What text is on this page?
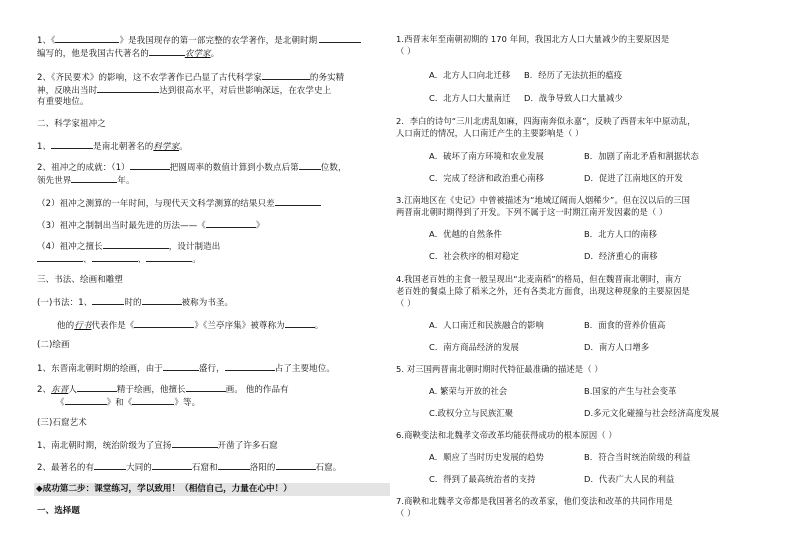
1、《	》是我国现存的第一部完整的农学著作，是北朝时期
编写的，他是我国古代著名的	农学家。
2、《齐民要术》的影响，这不农学著作已凸显了古代科学家	的务实精
神，反映出当时	达到很高水平，对后世影响深远，在农学史上
有重要地位。
二、科学家祖冲之
1、	是南北朝著名的科学家。
2、祖冲之的成就：（1）	把圆周率的数值计算到小数点后第	位数，
领先世界	年。
（2）祖冲之测算的一年时间，与现代天文科学测算的结果只差
（3）祖冲之制制出当时最先进的历法——《	》
（4）祖冲之擅长	，设计制造出
、	、	。
三、书法、绘画和雕塑
(一)书法：1、	时的	被称为书圣。
他的行书代表作是《	》《兰亭序集》被尊称为	。
(二)绘画
1、东晋南北朝时期的绘画，由于	盛行，	占了主要地位。
2、东晋人	精于绘画，他擅长	画。 他的作品有
《	》和《	》等。
(三)石窟艺术
1、南北朝时期，统治阶级为了宣扬	开凿了许多石窟
2、最著名的有	大同的	石窟和	洛阳的	石窟。
◆成功第二步：课堂练习，学以致用！（相信自己，力量在心中！）
一、选择题
1.西晋末年至南朝初期的 170 年间，我国北方人口大量减少的主要原因是
（ ）
A．北方人口向北迁移 B．经历了无法抗拒的瘟疫
C．北方人口大量南迁 D．战争导致人口大量减少
2．李白的诗句“三川北虏乱如麻，四海南奔似永嘉”，反映了西晋末年中原动乱，
人口南迁的情况，人口南迁产生的主要影响是（ ）
A．破坏了南方环境和农业发展	B．加剧了南北矛盾和割据状态
C．完成了经济和政治重心南移	D．促进了江南地区的开发
3.江南地区在《史记》中曾被描述为“地域辽阔而人烟稀少”。但在汉以后的三国
两晋南北朝时期得到了开发。下列不属于这一时期江南开发因素的是（ ）
A．优越的自然条件	B．北方人口的南移
C．社会秩序的相对稳定	D．经济重心的南移
4.我国老百姓的主食一般呈现出“北麦南稻”的格局，但在魏晋南北朝时，南方
老百姓的餐桌上除了稻米之外，还有各类北方面食，出现这种现象的主要原因是
（ ）
A．人口南迁和民族融合的影响	B．面食的营养价值高
C．南方商品经济的发展	D．南方人口增多
5. 对三国两晋南北朝时期时代特征最准确的描述是（ ）
A. 繁荣与开放的社会	B.国家的产生与社会变革
C.政权分立与民族汇聚	D.多元文化碰撞与社会经济高度发展
6.商鞅变法和北魏孝文帝改革均能获得成功的根本原因（ ）
A．顺应了当时历史发展的趋势	B．符合当时统治阶级的利益
C．得到了最高统治者的支持	D．代表广大人民的利益
7.商鞅和北魏孝文帝都是我国著名的改革家，他们变法和改革的共同作用是
（ ）
